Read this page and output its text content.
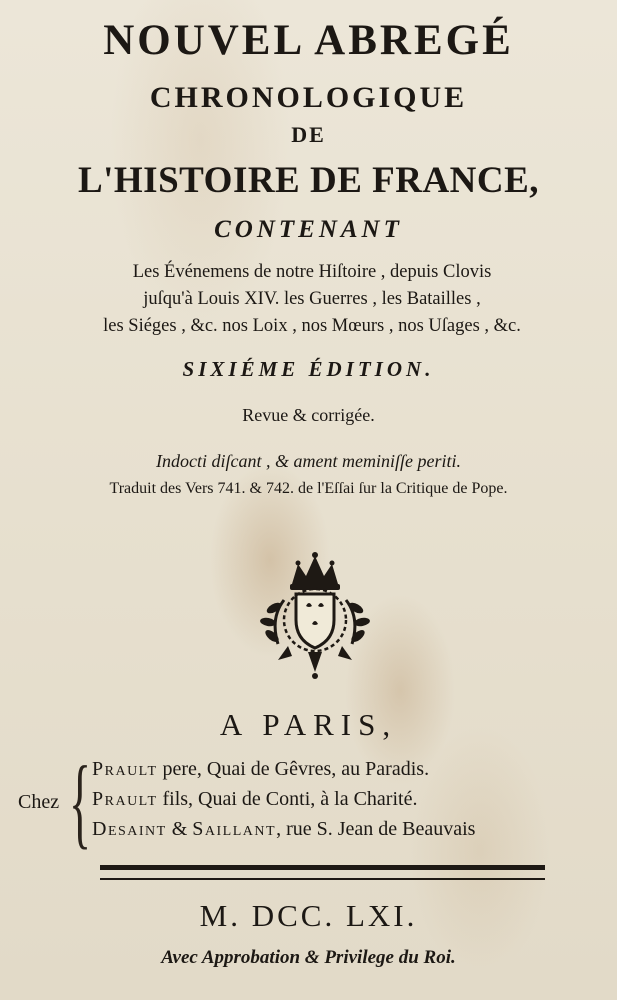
NOUVEL ABREGÉ
CHRONOLOGIQUE
DE
L'HISTOIRE DE FRANCE,
CONTENANT
Les Événemens de notre Hiſtoire , depuis Clovis
juſqu'à Louis XIV. les Guerres , les Batailles ,
les Siéges , &c. nos Loix , nos Mœurs , nos Uſages , &c.
SIXIÉME ÉDITION.
Revue & corrigée.
Indocti diſcant , & ament meminiſſe periti.
Traduit des Vers 741. & 742. de l'Eſſai ſur la Critique de Pope.
A PARIS,
Chez { Prault pere, Quai de Gêvres, au Paradis.
Prault fils, Quai de Conti, à la Charité.
Desaint & Saillant, rue S. Jean de Beauvais
M. DCC. LXI.
Avec Approbation & Privilege du Roi.
